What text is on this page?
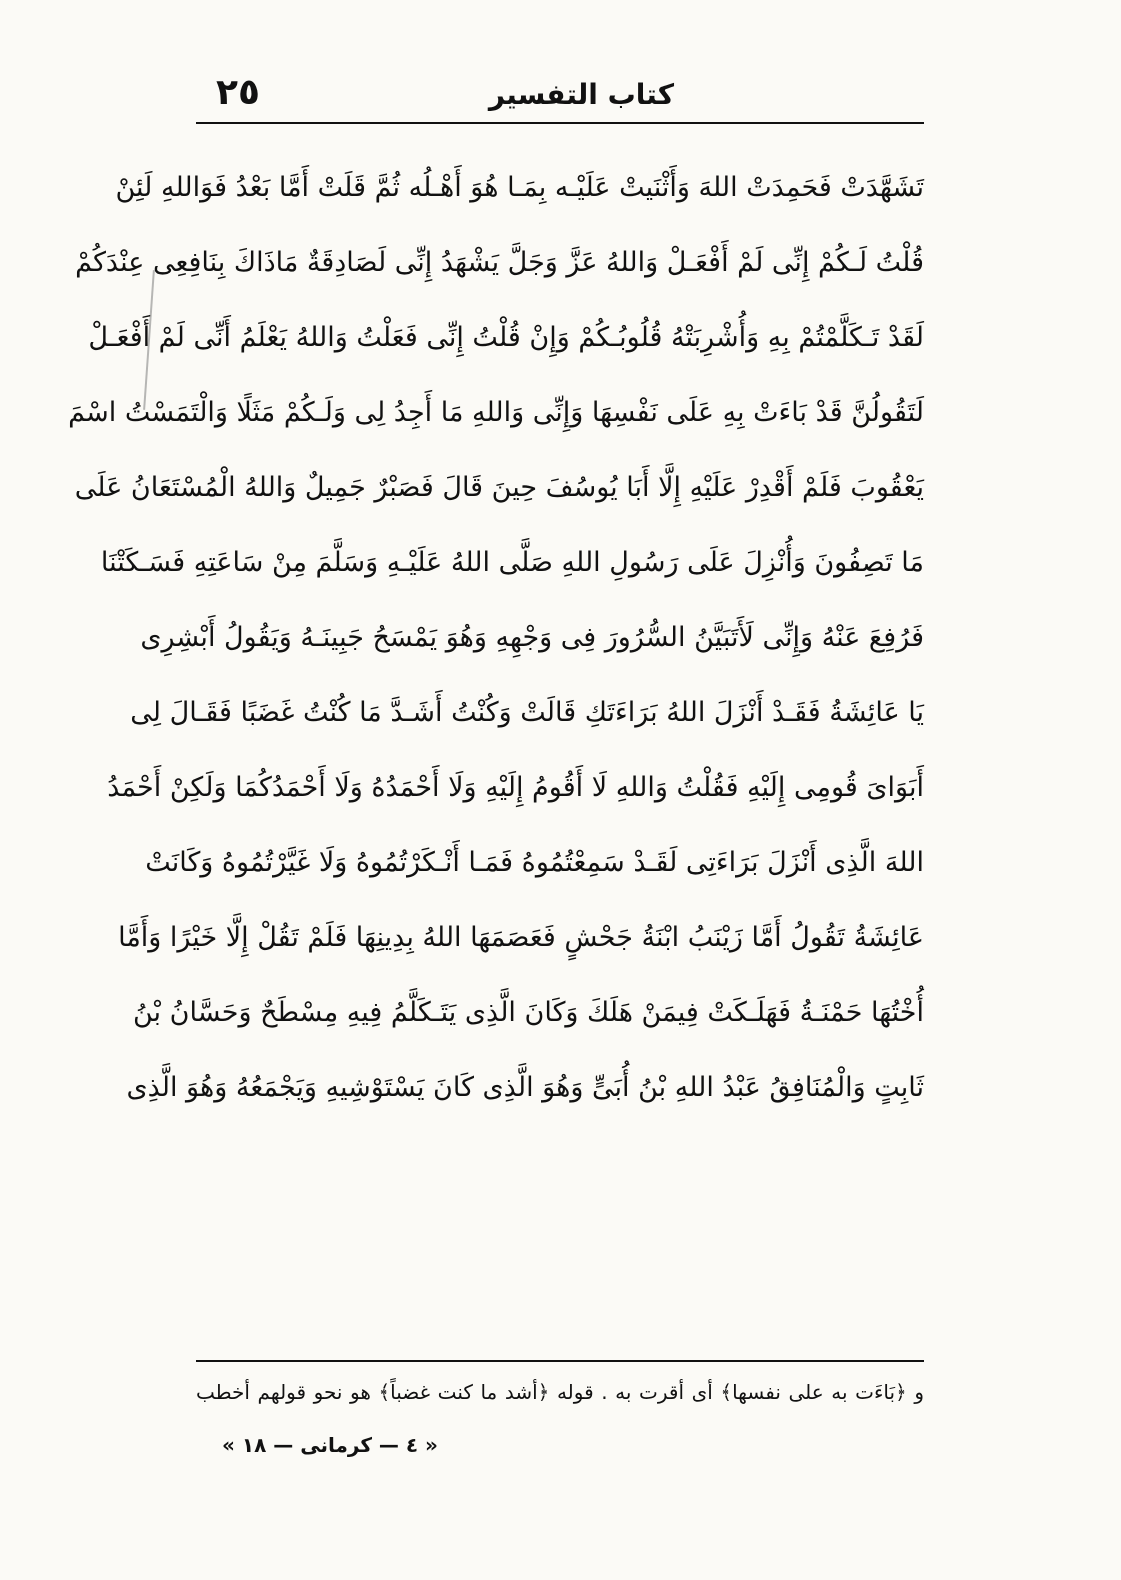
كتاب التفسير
٢٥
تَشَهَّدَتْ فَحَمِدَتْ اللهَ وَأَثْنَيتْ عَلَيْـه بِمَـا هُوَ أَهْـلُه ثُمَّ قَلَتْ أَمَّا بَعْدُ فَوَاللهِ لَئِنْ
قُلْتُ لَـكُمْ إِنِّى لَمْ أَفْعَـلْ وَاللهُ عَزَّ وَجَلَّ يَشْهَدُ إِنِّى لَصَادِقَةٌ مَاذَاكَ بِنَافِعِى عِنْدَكُمْ
لَقَدْ تَـكَلَّمْتُمْ بِهِ وَأُشْرِبَتْهُ قُلُوبُـكُمْ وَإِنْ قُلْتُ إِنِّى فَعَلْتُ وَاللهُ يَعْلَمُ أَنِّى لَمْ أَفْعَـلْ
لَتَقُولُنَّ قَدْ بَاءَتْ بِهِ عَلَى نَفْسِهَا وَإِنِّى وَاللهِ مَا أَجِدُ لِى وَلَـكُمْ مَثَلًا وَالْتَمَسْتُ اسْمَ
يَعْقُوبَ فَلَمْ أَقْدِرْ عَلَيْهِ إِلَّا أَبَا يُوسُفَ حِينَ قَالَ فَصَبْرٌ جَمِيلٌ وَاللهُ الْمُسْتَعَانُ عَلَى
مَا تَصِفُونَ وَأُنْزِلَ عَلَى رَسُولِ اللهِ صَلَّى اللهُ عَلَيْـهِ وَسَلَّمَ مِنْ سَاعَتِهِ فَسَـكَتْنَا
فَرُفِعَ عَنْهُ وَإِنِّى لَأَتَبَيَّنُ السُّرُورَ فِى وَجْهِهِ وَهُوَ يَمْسَحُ جَبِينَـهُ وَيَقُولُ أَبْشِرِى
يَا عَائِشَةُ فَقَـدْ أَنْزَلَ اللهُ بَرَاءَتَكِ قَالَتْ وَكُنْتُ أَشَـدَّ مَا كُنْتُ غَضَبًا فَقَـالَ لِى
أَبَوَاىَ قُومِى إِلَيْهِ فَقُلْتُ وَاللهِ لَا أَقُومُ إِلَيْهِ وَلَا أَحْمَدُهُ وَلَا أَحْمَدُكُمَا وَلَكِنْ أَحْمَدُ
اللهَ الَّذِى أَنْزَلَ بَرَاءَتِى لَقَـدْ سَمِعْتُمُوهُ فَمَـا أَنْـكَرْتُمُوهُ وَلَا غَيَّرْتُمُوهُ وَكَانَتْ
عَائِشَةُ تَقُولُ أَمَّا زَيْنَبُ ابْنَةُ جَحْشٍ فَعَصَمَهَا اللهُ بِدِينِهَا فَلَمْ تَقُلْ إِلَّا خَيْرًا وَأَمَّا
أُخْتُهَا حَمْنَـةُ فَهَلَـكَتْ فِيمَنْ هَلَكَ وَكَانَ الَّذِى يَتَـكَلَّمُ فِيهِ مِسْطَحٌ وَحَسَّانُ بْنُ
ثَابِتٍ وَالْمُنَافِقُ عَبْدُ اللهِ بْنُ أُبَىٍّ وَهُوَ الَّذِى كَانَ يَسْتَوْشِيهِ وَيَجْمَعُهُ وَهُوَ الَّذِى
و ﴿بَاءَت به على نفسها﴾ أى أقرت به . قوله ﴿أشد ما كنت غضباً﴾ هو نحو قولهم أخطب
« ٤ — كرمانى — ١٨ »
